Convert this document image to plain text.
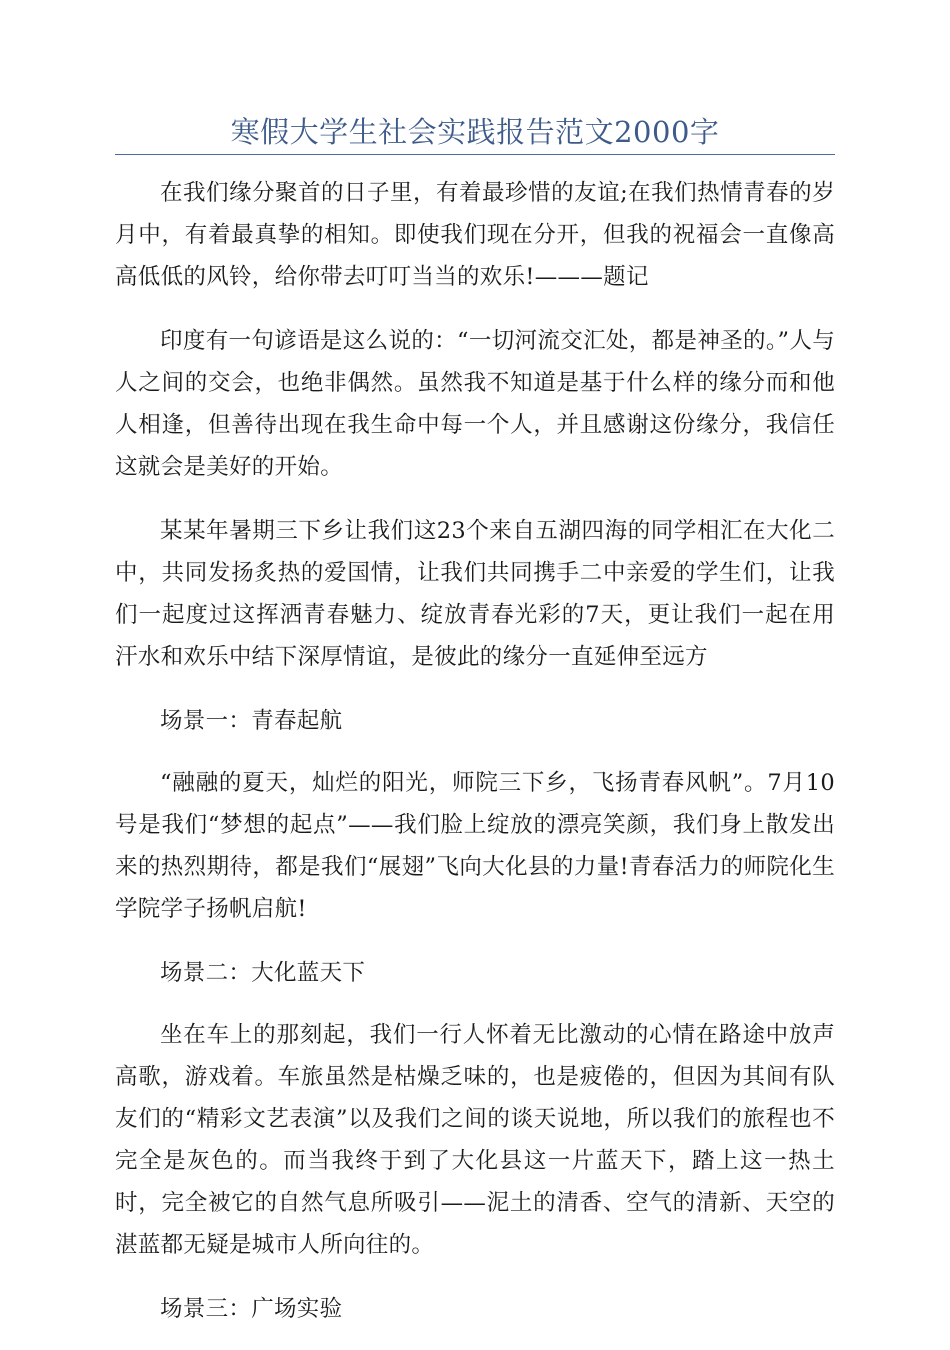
寒假大学生社会实践报告范文2000字

在我们缘分聚首的日子里，有着最珍惜的友谊;在我们热情青春的岁月中，有着最真挚的相知。即使我们现在分开，但我的祝福会一直像高高低低的风铃，给你带去叮叮当当的欢乐!———题记

印度有一句谚语是这么说的：“一切河流交汇处，都是神圣的。”人与人之间的交会，也绝非偶然。虽然我不知道是基于什么样的缘分而和他人相逢，但善待出现在我生命中每一个人，并且感谢这份缘分，我信任这就会是美好的开始。

某某年暑期三下乡让我们这23个来自五湖四海的同学相汇在大化二中，共同发扬炙热的爱国情，让我们共同携手二中亲爱的学生们，让我们一起度过这挥洒青春魅力、绽放青春光彩的7天，更让我们一起在用汗水和欢乐中结下深厚情谊，是彼此的缘分一直延伸至远方

场景一：青春起航

“融融的夏天，灿烂的阳光，师院三下乡，飞扬青春风帆”。7月10号是我们“梦想的起点”——我们脸上绽放的漂亮笑颜，我们身上散发出来的热烈期待，都是我们“展翅”飞向大化县的力量!青春活力的师院化生学院学子扬帆启航!

场景二：大化蓝天下

坐在车上的那刻起，我们一行人怀着无比激动的心情在路途中放声高歌，游戏着。车旅虽然是枯燥乏味的，也是疲倦的，但因为其间有队友们的“精彩文艺表演”以及我们之间的谈天说地，所以我们的旅程也不完全是灰色的。而当我终于到了大化县这一片蓝天下，踏上这一热土时，完全被它的自然气息所吸引——泥土的清香、空气的清新、天空的湛蓝都无疑是城市人所向往的。

场景三：广场实验
